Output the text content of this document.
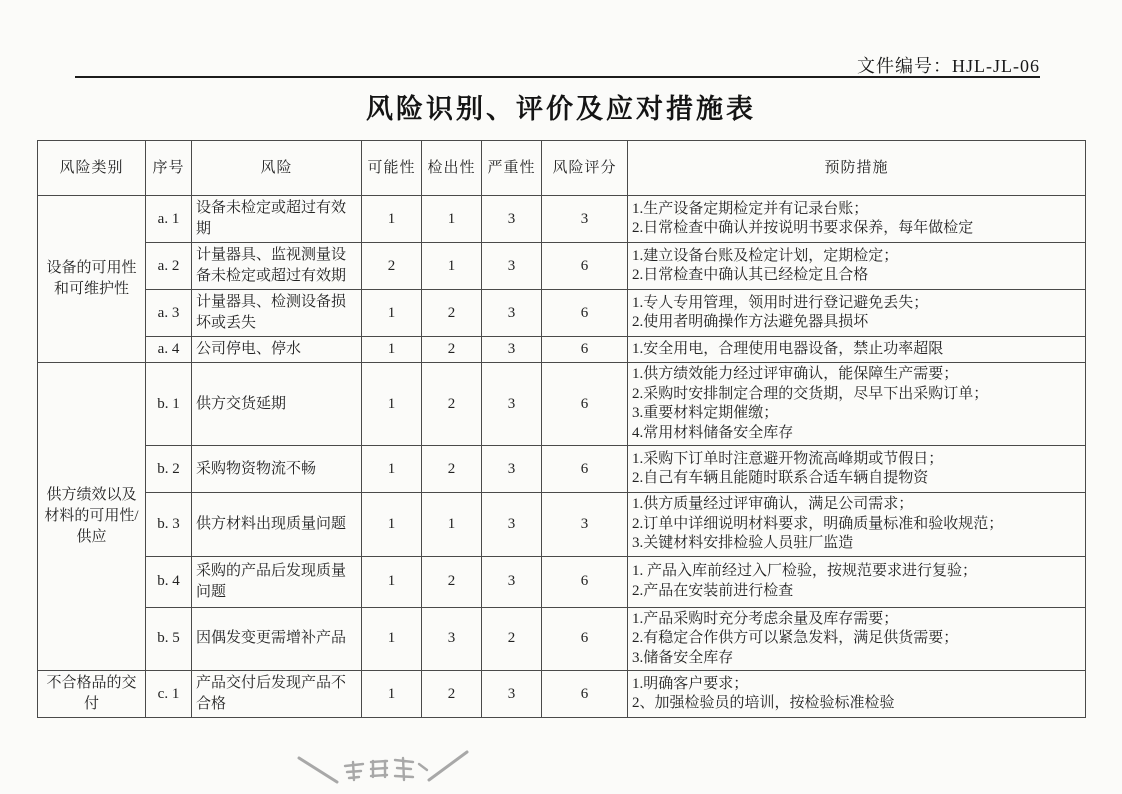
文件编号：HJL-JL-06
风险识别、评价及应对措施表
风险类别	序号	风险	可能性	检出性	严重性	风险评分	预防措施
设备的可用性和可维护性	a. 1	设备未检定或超过有效期	1	1	3	3	1.生产设备定期检定并有记录台账；
2.日常检查中确认并按说明书要求保养，每年做检定

	a. 2	计量器具、监视测量设备未检定或超过有效期	2	1	3	6	1.建立设备台账及检定计划，定期检定；
2.日常检查中确认其已经检定且合格

	a. 3	计量器具、检测设备损坏或丢失	1	2	3	6	1.专人专用管理，领用时进行登记避免丢失；
2.使用者明确操作方法避免器具损坏

	a. 4	公司停电、停水	1	2	3	6	1.安全用电，合理使用电器设备，禁止功率超限

供方绩效以及材料的可用性/供应	b. 1	供方交货延期	1	2	3	6	1.供方绩效能力经过评审确认，能保障生产需要；
2.采购时安排制定合理的交货期，尽早下出采购订单；
3.重要材料定期催缴；
4.常用材料储备安全库存

	b. 2	采购物资物流不畅	1	2	3	6	1.采购下订单时注意避开物流高峰期或节假日；
2.自己有车辆且能随时联系合适车辆自提物资

	b. 3	供方材料出现质量问题	1	1	3	3	1.供方质量经过评审确认，满足公司需求；
2.订单中详细说明材料要求，明确质量标准和验收规范；
3.关键材料安排检验人员驻厂监造

	b. 4	采购的产品后发现质量问题	1	2	3	6	1. 产品入库前经过入厂检验，按规范要求进行复验；
2.产品在安装前进行检查

	b. 5	因偶发变更需增补产品	1	3	2	6	1.产品采购时充分考虑余量及库存需要；
2.有稳定合作供方可以紧急发料，满足供货需要；
3.储备安全库存

不合格品的交付	c. 1	产品交付后发现产品不合格	1	2	3	6	1.明确客户要求；
2、加强检验员的培训，按检验标准检验
